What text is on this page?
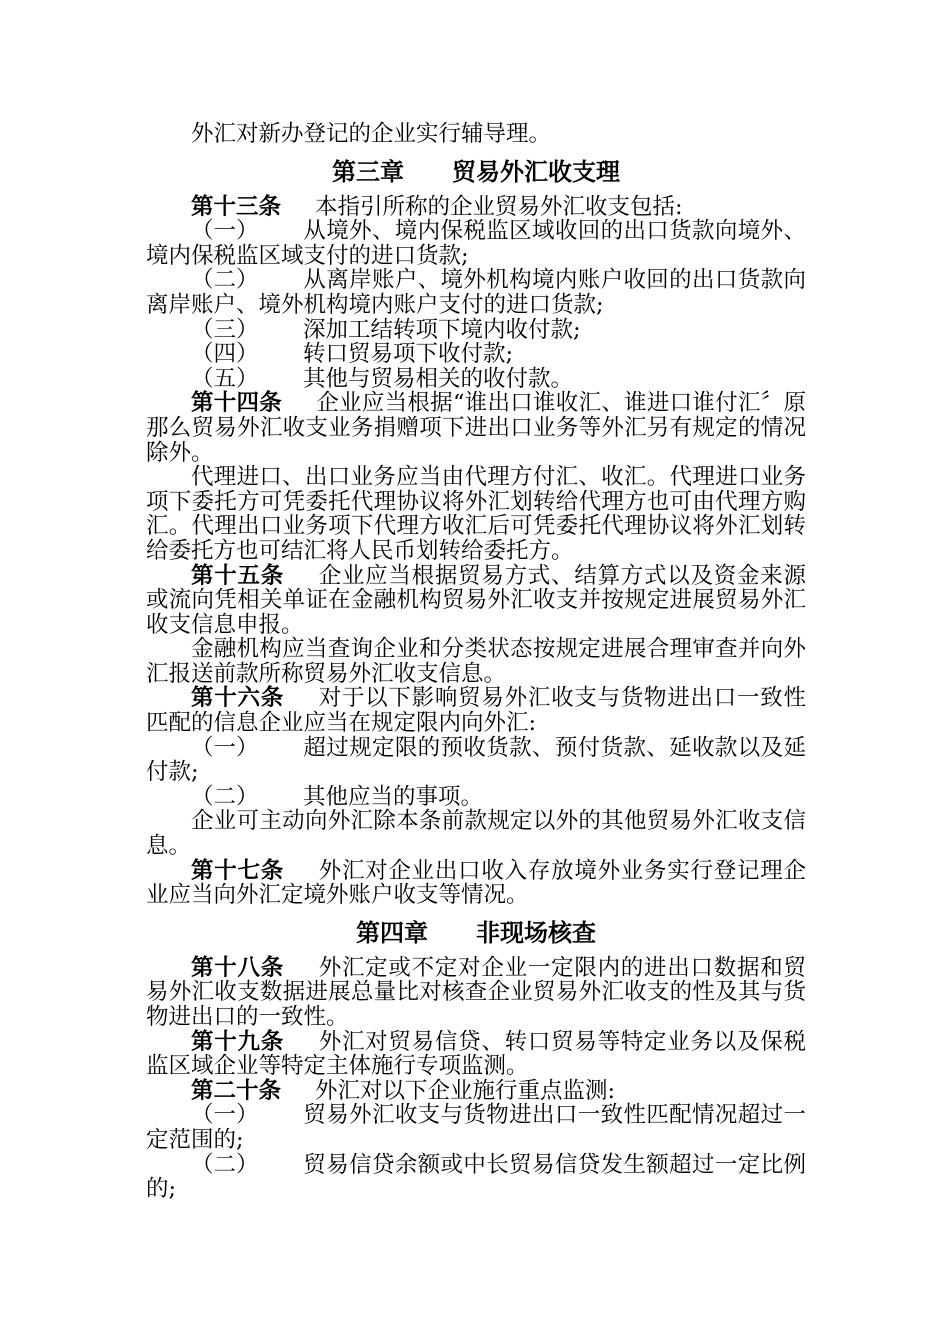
外汇对新办登记的企业实行辅导理。

第三章 贸易外汇收支理

第十三条 本指引所称的企业贸易外汇收支包括:

（一） 从境外、境内保税监区域收回的出口货款向境外、境内保税监区域支付的进口货款;

（二） 从离岸账户、境外机构境内账户收回的出口货款向离岸账户、境外机构境内账户支付的进口货款;

（三） 深加工结转项下境内收付款;

（四） 转口贸易项下收付款;

（五） 其他与贸易相关的收付款。

第十四条 企业应当根据“谁出口谁收汇、谁进口谁付汇〞原那么贸易外汇收支业务捐赠项下进出口业务等外汇另有规定的情况除外。

代理进口、出口业务应当由代理方付汇、收汇。代理进口业务项下委托方可凭委托代理协议将外汇划转给代理方也可由代理方购汇。代理出口业务项下代理方收汇后可凭委托代理协议将外汇划转给委托方也可结汇将人民币划转给委托方。

第十五条 企业应当根据贸易方式、结算方式以及资金来源或流向凭相关单证在金融机构贸易外汇收支并按规定进展贸易外汇收支信息申报。

金融机构应当查询企业和分类状态按规定进展合理审查并向外汇报送前款所称贸易外汇收支信息。

第十六条 对于以下影响贸易外汇收支与货物进出口一致性匹配的信息企业应当在规定限内向外汇:

（一） 超过规定限的预收货款、预付货款、延收款以及延付款;

（二） 其他应当的事项。

企业可主动向外汇除本条前款规定以外的其他贸易外汇收支信息。

第十七条 外汇对企业出口收入存放境外业务实行登记理企业应当向外汇定境外账户收支等情况。

第四章 非现场核查

第十八条 外汇定或不定对企业一定限内的进出口数据和贸易外汇收支数据进展总量比对核查企业贸易外汇收支的性及其与货物进出口的一致性。

第十九条 外汇对贸易信贷、转口贸易等特定业务以及保税监区域企业等特定主体施行专项监测。

第二十条 外汇对以下企业施行重点监测:

（一） 贸易外汇收支与货物进出口一致性匹配情况超过一定范围的;

（二） 贸易信贷余额或中长贸易信贷发生额超过一定比例的;
